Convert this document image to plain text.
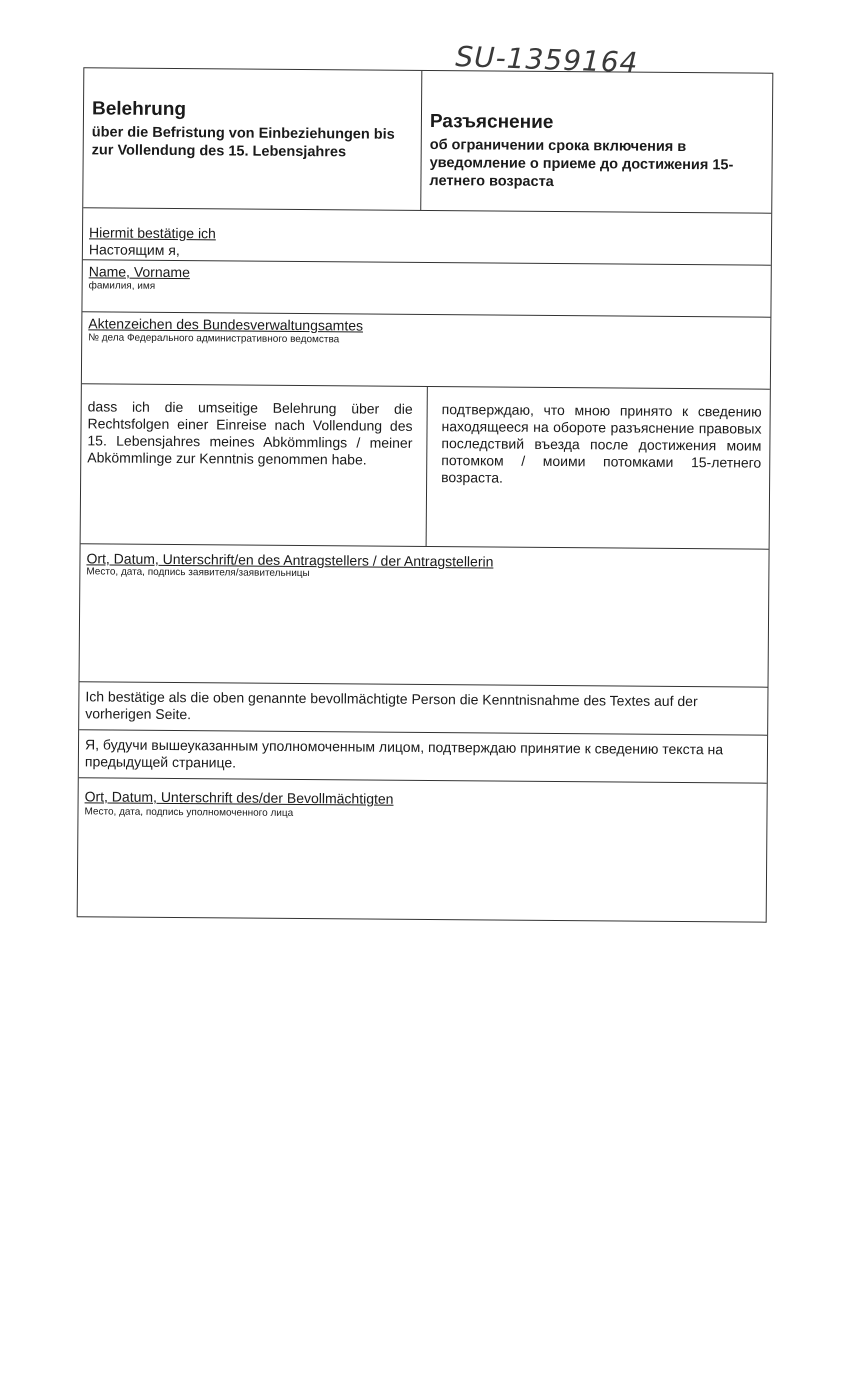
SU-1359164
Belehrung
über die Befristung von Einbeziehungen bis zur Vollendung des 15. Lebensjahres
Разъяснение
об ограничении срока включения в уведомление о приеме до достижения 15-летнего возраста
Hiermit bestätige ich
Настоящим я,
Name, Vorname
фамилия, имя
Aktenzeichen des Bundesverwaltungsamtes
№ дела Федерального административного ведомства
dass ich die umseitige Belehrung über die Rechtsfolgen einer Einreise nach Vollendung des 15. Lebensjahres meines Abkömmlings / meiner Abkömmlinge zur Kenntnis genommen habe.
подтверждаю, что мною принято к сведению находящееся на обороте разъяснение правовых последствий въезда после достижения моим потомком / моими потомками 15-летнего возраста.
Ort, Datum, Unterschrift/en des Antragstellers / der Antragstellerin
Место, дата, подпись заявителя/заявительницы
Ich bestätige als die oben genannte bevollmächtigte Person die Kenntnisnahme des Textes auf der vorherigen Seite.
Я, будучи вышеуказанным уполномоченным лицом, подтверждаю принятие к сведению текста на предыдущей странице.
Ort, Datum, Unterschrift des/der Bevollmächtigten
Место, дата, подпись уполномоченного лица
